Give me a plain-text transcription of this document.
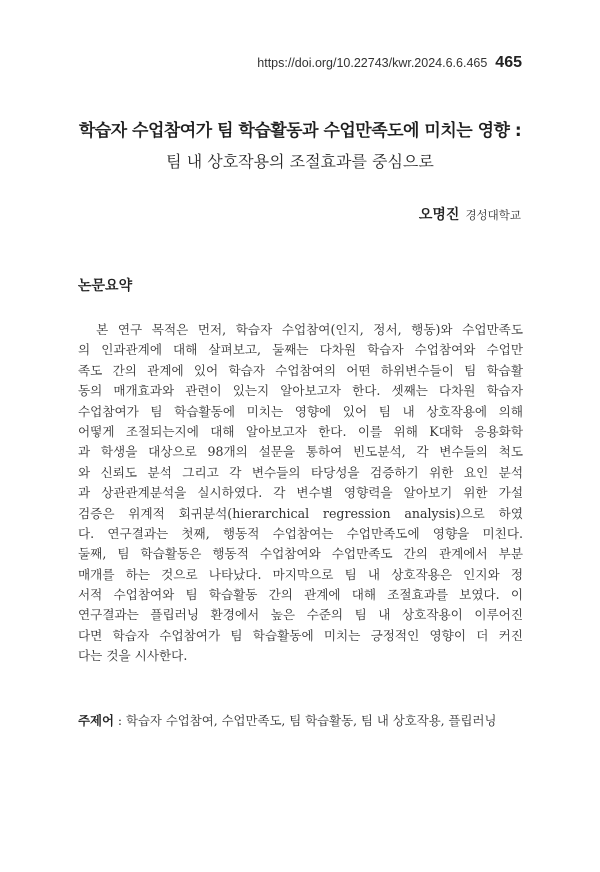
https://doi.org/10.22743/kwr.2024.6.6.465 465
학습자 수업참여가 팀 학습활동과 수업만족도에 미치는 영향 :
팀 내 상호작용의 조절효과를 중심으로
오명진 경성대학교
논문요약
　본 연구 목적은 먼저, 학습자 수업참여(인지, 정서, 행동)와 수업만족도
의 인과관계에 대해 살펴보고, 둘째는 다차원 학습자 수업참여와 수업만
족도 간의 관계에 있어 학습자 수업참여의 어떤 하위변수들이 팀 학습활
동의 매개효과와 관련이 있는지 알아보고자 한다. 셋째는 다차원 학습자
수업참여가 팀 학습활동에 미치는 영향에 있어 팀 내 상호작용에 의해
어떻게 조절되는지에 대해 알아보고자 한다. 이를 위해 K대학 응용화학
과 학생을 대상으로 98개의 설문을 통하여 빈도분석, 각 변수들의 척도
와 신뢰도 분석 그리고 각 변수들의 타당성을 검증하기 위한 요인 분석
과 상관관계분석을 실시하였다. 각 변수별 영향력을 알아보기 위한 가설
검증은 위계적 회귀분석(hierarchical regression analysis)으로 하였
다. 연구결과는 첫째, 행동적 수업참여는 수업만족도에 영향을 미친다.
둘째, 팀 학습활동은 행동적 수업참여와 수업만족도 간의 관계에서 부분
매개를 하는 것으로 나타났다. 마지막으로 팀 내 상호작용은 인지와 정
서적 수업참여와 팀 학습활동 간의 관계에 대해 조절효과를 보였다. 이
연구결과는 플립러닝 환경에서 높은 수준의 팀 내 상호작용이 이루어진
다면 학습자 수업참여가 팀 학습활동에 미치는 긍정적인 영향이 더 커진
다는 것을 시사한다.
주제어 : 학습자 수업참여, 수업만족도, 팀 학습활동, 팀 내 상호작용, 플립러닝
